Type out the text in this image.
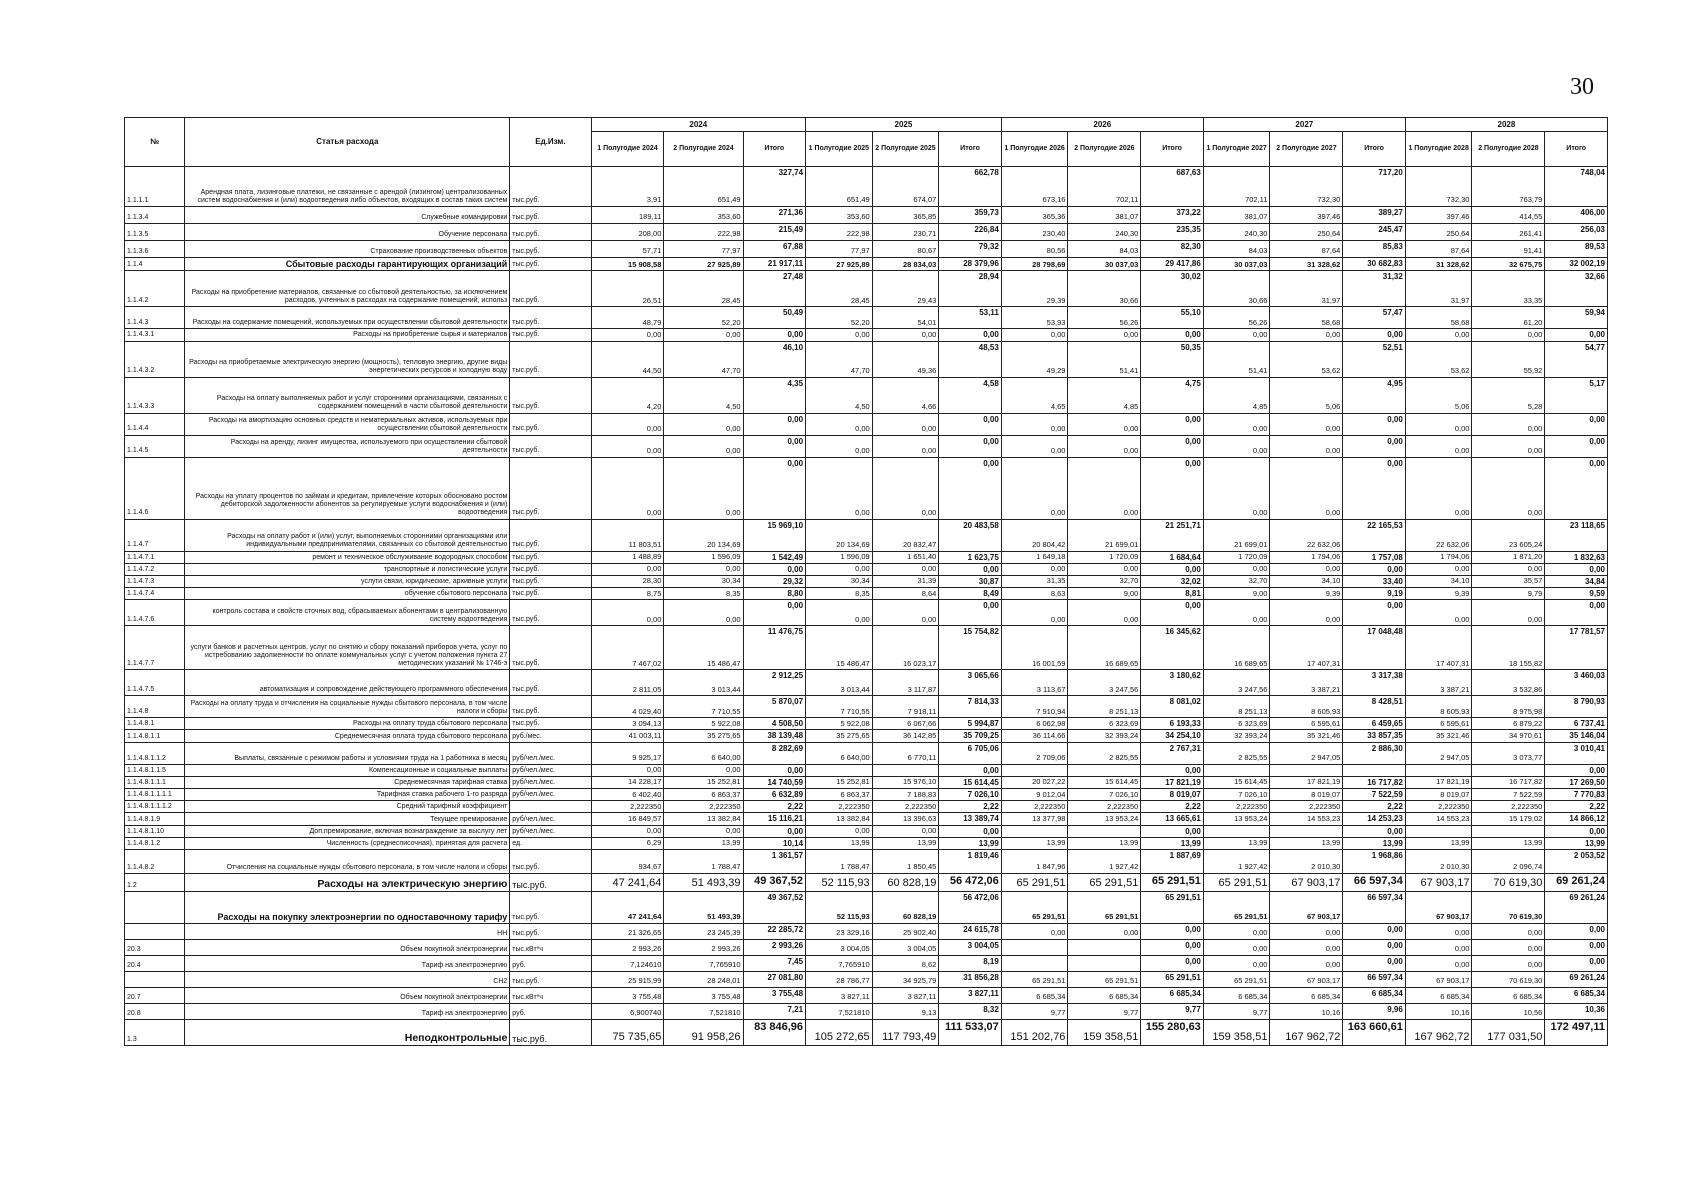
30
№	Статья расхода	Ед.Изм.	2024			2025			2026			2027			2028		
			1 Полугодие 2024	2 Полугодие 2024	Итого	1 Полугодие 2025	2 Полугодие 2025	Итого	1 Полугодие 2026	2 Полугодие 2026	Итого	1 Полугодие 2027	2 Полугодие 2027	Итого	1 Полугодие 2028	2 Полугодие 2028	Итого
1.1.1.1	Арендная плата, лизинговые платежи, не связанные с арендой (лизингом) централизованных систем водоснабжения и (или) водоотведения либо объектов, входящих в состав таких систем	тыс.руб.	3,91	651,49	327,74	651,49	674,07	662,78	673,16	702,11	687,63	702,11	732,30	717,20	732,30	763,79	748,04
1.1.3.4	Служебные командировки	тыс.руб.	189,11	353,60	271,36	353,60	365,85	359,73	365,36	381,07	373,22	381,07	397,46	389,27	397,46	414,55	406,00
1.1.3.5	Обучение персонала	тыс.руб.	208,00	222,98	215,49	222,98	230,71	226,84	230,40	240,30	235,35	240,30	250,64	245,47	250,64	261,41	256,03
1.1.3.6	Страхование производственных объектов	тыс.руб.	57,71	77,97	67,88	77,97	80,67	79,32	80,56	84,03	82,30	84,03	87,64	85,83	87,64	91,41	89,53
1.1.4	Сбытовые расходы гарантирующих организаций	тыс.руб.	15 908,58	27 925,89	21 917,11	27 925,89	28 834,03	28 379,96	28 798,69	30 037,03	29 417,86	30 037,03	31 328,62	30 682,83	31 328,62	32 675,75	32 002,19
1.1.4.2	Расходы на приобретение материалов, связанные со сбытовой деятельностью, за исключением расходов, учтенных в расходах на содержание помещений, использ	тыс.руб.	26,51	28,45	27,48	28,45	29,43	28,94	29,39	30,66	30,02	30,66	31,97	31,32	31,97	33,35	32,66
1.1.4.3	Расходы на содержание помещений, используемых при осуществлении сбытовой деятельности	тыс.руб.	48,79	52,20	50,49	52,20	54,01	53,11	53,93	56,26	55,10	56,26	58,68	57,47	58,68	61,20	59,94
1.1.4.3.1	Расходы на приобретение сырья и материалов	тыс.руб.	0,00	0,00	0,00	0,00	0,00	0,00	0,00	0,00	0,00	0,00	0,00	0,00	0,00	0,00	0,00
1.1.4.3.2	Расходы на приобретаемые электрическую энергию (мощность), тепловую энергию, другие виды энергетических ресурсов и холодную воду	тыс.руб.	44,50	47,70	46,10	47,70	49,36	48,53	49,29	51,41	50,35	51,41	53,62	52,51	53,62	55,92	54,77
1.1.4.3.3	Расходы на оплату выполняемых работ и услуг сторонними организациями, связанных с содержанием помещений в части сбытовой деятельности	тыс.руб.	4,20	4,50	4,35	4,50	4,66	4,58	4,65	4,85	4,75	4,85	5,06	4,95	5,06	5,28	5,17
1.1.4.4	Расходы на амортизацию основных средств и нематериальных активов, используемых при осуществлении сбытовой деятельности	тыс.руб.	0,00	0,00	0,00	0,00	0,00	0,00	0,00	0,00	0,00	0,00	0,00	0,00	0,00	0,00	0,00
1.1.4.5	Расходы на аренду, лизинг имущества, используемого при осуществлении сбытовой деятельности	тыс.руб.	0,00	0,00	0,00	0,00	0,00	0,00	0,00	0,00	0,00	0,00	0,00	0,00	0,00	0,00	0,00
1.1.4.6	Расходы на уплату процентов по займам и кредитам, привлечение которых обосновано ростом дебиторской задолженности абонентов за регулируемые услуги водоснабжения и (или) водоотведения	тыс.руб.	0,00	0,00	0,00	0,00	0,00	0,00	0,00	0,00	0,00	0,00	0,00	0,00	0,00	0,00	0,00
1.1.4.7	Расходы на оплату работ и (или) услуг, выполняемых сторонними организациями или индивидуальными предпринимателями, связанных со сбытовой деятельностью	тыс.руб.	11 803,51	20 134,69	15 969,10	20 134,69	20 832,47	20 483,58	20 804,42	21 699,01	21 251,71	21 699,01	22 632,06	22 165,53	22 632,06	23 605,24	23 118,65
1.1.4.7.1	ремонт и техническое обслуживание водородных способом	тыс.руб.	1 488,89	1 596,09	1 542,49	1 596,09	1 651,40	1 623,75	1 649,18	1 720,09	1 684,64	1 720,09	1 794,06	1 757,08	1 794,06	1 871,20	1 832,63
1.1.4.7.2	транспортные и логистические услуги	тыс.руб.	0,00	0,00	0,00	0,00	0,00	0,00	0,00	0,00	0,00	0,00	0,00	0,00	0,00	0,00	0,00
1.1.4.7.3	услуги связи, юридические, архивные услуги	тыс.руб.	28,30	30,34	29,32	30,34	31,39	30,87	31,35	32,70	32,02	32,70	34,10	33,40	34,10	35,57	34,84
1.1.4.7.4	обучение сбытового персонала	тыс.руб.	8,75	8,35	8,80	8,35	8,64	8,49	8,63	9,00	8,81	9,00	9,39	9,19	9,39	9,79	9,59
1.1.4.7.6	контроль состава и свойств сточных вод, сбрасываемых абонентами в централизованную систему водоотведения	тыс.руб.	0,00	0,00	0,00	0,00	0,00	0,00	0,00	0,00	0,00	0,00	0,00	0,00	0,00	0,00	0,00
1.1.4.7.7	услуги банков и расчетных центров, услуг по снятию и сбору показаний приборов учета, услуг по истребованию задолженности по оплате коммунальных услуг с учетом положения пункта 27 методических указаний № 1746-э	тыс.руб.	7 467,02	15 486,47	11 476,75	15 486,47	16 023,17	15 754,82	16 001,59	16 689,65	16 345,62	16 689,65	17 407,31	17 048,48	17 407,31	18 155,82	17 781,57
1.1.4.7.5	автоматизация и сопровождение действующего программного обеспечения	тыс.руб.	2 811,05	3 013,44	2 912,25	3 013,44	3 117,87	3 065,66	3 113,67	3 247,56	3 180,62	3 247,56	3 387,21	3 317,38	3 387,21	3 532,86	3 460,03
1.1.4.8	Расходы на оплату труда и отчисления на социальные нужды сбытового персонала, в том числе налоги и сборы	тыс.руб.	4 029,40	7 710,55	5 870,07	7 710,55	7 918,11	7 814,33	7 910,94	8 251,13	8 081,02	8 251,13	8 605,93	8 428,51	8 605,93	8 975,98	8 790,93
1.1.4.8.1	Расходы на оплату труда сбытового персонала	тыс.руб.	3 094,13	5 922,08	4 508,50	5 922,08	6 067,66	5 994,87	6 062,98	6 323,69	6 193,33	6 323,69	6 595,61	6 459,65	6 595,61	6 879,22	6 737,41
1.1.4.8.1.1	Среднемесячная оплата труда сбытового персонала	руб./мес.	41 003,11	35 275,65	38 139,48	35 275,65	36 142,85	35 709,25	36 114,66	32 393,24	34 254,10	32 393,24	35 321,46	33 857,35	35 321,46	34 970,61	35 146,04
1.1.4.8.1.1.2	Выплаты, связанные с режимом работы и условиями труда на 1 работника в месяц	руб/чел./мес.	9 925,17	6 640,00	8 282,69	6 640,00	6 770,11	6 705,06	2 709,06	2 825,55	2 767,31	2 825,55	2 947,05	2 886,30	2 947,05	3 073,77	3 010,41
1.1.4.8.1.1.5	Компенсационные и социальные выплаты	руб/чел./мес.	0,00	0,00	0,00			0,00			0,00						0,00
1.1.4.8.1.1.1	Среднемесячная тарифная ставка	руб/чел./мес.	14 228,17	15 252,81	14 740,59	15 252,81	15 976,10	15 614,45	20 027,22	15 614,45	17 821,19	15 614,45	17 821,19	16 717,82	17 821,19	16 717,82	17 269,50
1.1.4.8.1.1.1.1	Тарифная ставка рабочего 1-го разряда	руб/чел./мес.	6 402,40	6 863,37	6 632,89	6 863,37	7 188,83	7 026,10	9 012,04	7 026,10	8 019,07	7 026,10	8 019,07	7 522,59	8 019,07	7 522,59	7 770,83
1.1.4.8.1.1.1.2	Средний тарифный коэффициент		2,222350	2,222350	2,22	2,222350	2,222350	2,22	2,222350	2,222350	2,22	2,222350	2,222350	2,22	2,222350	2,222350	2,22
1.1.4.8.1.9	Текущее премирование	руб/чел./мес.	16 849,57	13 382,84	15 116,21	13 382,84	13 396,63	13 389,74	13 377,98	13 953,24	13 665,61	13 953,24	14 553,23	14 253,23	14 553,23	15 179,02	14 866,12
1.1.4.8.1.10	Доп.премирование, включая вознаграждение за выслугу лет	руб/чел./мес.	0,00	0,00	0,00	0,00	0,00	0,00			0,00			0,00			0,00
1.1.4.8.1.2	Численность (среднесписочная), принятая для расчета	ед.	6,29	13,99	10,14	13,99	13,99	13,99	13,99	13,99	13,99	13,99	13,99	13,99	13,99	13,99	13,99
1.1.4.8.2	Отчисления на социальные нужды сбытового персонала, в том числе налоги и сборы	тыс.руб.	934,67	1 788,47	1 361,57	1 788,47	1 850,45	1 819,46	1 847,96	1 927,42	1 887,69	1 927,42	2 010,30	1 968,86	2 010,30	2 096,74	2 053,52
1.2	Расходы на электрическую энергию	тыс.руб.	47 241,64	51 493,39	49 367,52	52 115,93	60 828,19	56 472,06	65 291,51	65 291,51	65 291,51	65 291,51	67 903,17	66 597,34	67 903,17	70 619,30	69 261,24
	Расходы на покупку электроэнергии по одноставочному тарифу	тыс.руб.	47 241,64	51 493,39	49 367,52	52 115,93	60 828,19	56 472,06	65 291,51	65 291,51	65 291,51	65 291,51	67 903,17	66 597,34	67 903,17	70 619,30	69 261,24
	НН	тыс.руб.	21 326,65	23 245,39	22 285,72	23 329,16	25 902,40	24 615,78	0,00	0,00	0,00	0,00	0,00	0,00	0,00	0,00	0,00
20.3	Объем покупной электроэнергии	тыс.кВт*ч	2 993,26	2 993,26	2 993,26	3 004,05	3 004,05	3 004,05			0,00	0,00	0,00	0,00	0,00	0,00	0,00
20.4	Тариф на электроэнергию	руб.	7,124610	7,765910	7,45	7,765910	8,62	8,19			0,00	0,00	0,00	0,00	0,00	0,00	0,00
	СН2	тыс.руб.	25 915,99	28 248,01	27 081,80	28 786,77	34 925,79	31 856,28	65 291,51	65 291,51	65 291,51	65 291,51	67 903,17	66 597,34	67 903,17	70 619,30	69 261,24
20.7	Объем покупной электроэнергии	тыс.кВт*ч	3 755,48	3 755,48	3 755,48	3 827,11	3 827,11	3 827,11	6 685,34	6 685,34	6 685,34	6 685,34	6 685,34	6 685,34	6 685,34	6 685,34	6 685,34
20.8	Тариф на электроэнергию	руб.	6,900740	7,521810	7,21	7,521810	9,13	8,32	9,77	9,77	9,77	9,77	10,16	9,96	10,16	10,56	10,36
1.3	Неподконтрольные	тыс.руб.	75 735,65	91 958,26	83 846,96	105 272,65	117 793,49	111 533,07	151 202,76	159 358,51	155 280,63	159 358,51	167 962,72	163 660,61	167 962,72	177 031,50	172 497,11
